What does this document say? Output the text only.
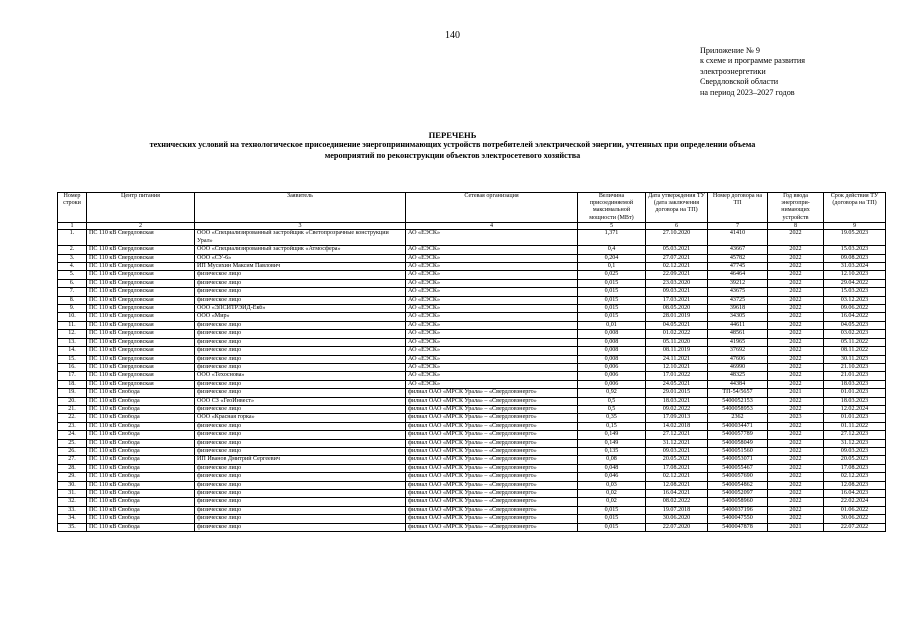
140
Приложение № 9
к схеме и программе развития
электроэнергетики
Свердловской области
на период 2023–2027 годов
ПЕРЕЧЕНЬ
технических условий на технологическое присоединение энергопринимающих устройств потребителей электрической энергии, учтенных при определении объема
мероприятий по реконструкции объектов электросетевого хозяйства
Номер строки	Центр питания	Заявитель	Сетевая организация	Величина присоединяемой максимальной мощности (МВт)	Дата утверждения ТУ (дата заключения договора на ТП)	Номер договора на ТП	Год ввода энергопри-нимающих устройств	Срок действия ТУ (договора на ТП)
1	2	3	4	5	6	7	8	9
1.	ПС 110 кВ Свердловская	ООО «Специализированный застройщик «Светопрозрачные конструкции Урал»	АО «ЕЭСК»	1,371	27.10.2020	41410	2022	19.05.2023
2.	ПС 110 кВ Свердловская	ООО «Специализированный застройщик «Атмосфера»	АО «ЕЭСК»	0,4	05.03.2021	43667	2022	15.03.2023
3.	ПС 110 кВ Свердловская	ООО «СУ-6»	АО «ЕЭСК»	0,204	27.07.2021	45782	2022	09.08.2023
4.	ПС 110 кВ Свердловская	ИП Мусихин Максим Павлович	АО «ЕЭСК»	0,1	02.12.2021	47745	2022	31.03.2024
5.	ПС 110 кВ Свердловская	физическое лицо	АО «ЕЭСК»	0,025	22.09.2021	46464	2022	12.10.2023
6.	ПС 110 кВ Свердловская	физическое лицо	АО «ЕЭСК»	0,015	23.03.2020	39212	2022	29.04.2022
7.	ПС 110 кВ Свердловская	физическое лицо	АО «ЕЭСК»	0,015	09.03.2021	43675	2022	15.03.2023
8.	ПС 110 кВ Свердловская	физическое лицо	АО «ЕЭСК»	0,015	17.03.2021	43725	2022	03.12.2023
9.	ПС 110 кВ Свердловская	ООО «ЭЛСИТРЭЙД-Екб»	АО «ЕЭСК»	0,015	08.05.2020	39618	2022	09.06.2022
10.	ПС 110 кВ Свердловская	ООО «Мир»	АО «ЕЭСК»	0,015	28.01.2019	34305	2022	16.04.2022
11.	ПС 110 кВ Свердловская	физическое лицо	АО «ЕЭСК»	0,01	04.05.2021	44611	2022	04.05.2023
12.	ПС 110 кВ Свердловская	физическое лицо	АО «ЕЭСК»	0,008	01.02.2022	48561	2022	03.02.2023
13.	ПС 110 кВ Свердловская	физическое лицо	АО «ЕЭСК»	0,008	05.11.2020	41965	2022	05.11.2022
14.	ПС 110 кВ Свердловская	физическое лицо	АО «ЕЭСК»	0,008	08.11.2019	37692	2022	08.11.2022
15.	ПС 110 кВ Свердловская	физическое лицо	АО «ЕЭСК»	0,008	24.11.2021	47606	2022	30.11.2023
16.	ПС 110 кВ Свердловская	физическое лицо	АО «ЕЭСК»	0,006	12.10.2021	46990	2022	21.10.2023
17.	ПС 110 кВ Свердловская	ООО «Техоснова»	АО «ЕЭСК»	0,006	17.01.2022	48325	2022	21.01.2023
18.	ПС 110 кВ Свердловская	физическое лицо	АО «ЕЭСК»	0,006	24.05.2021	44384	2022	18.03.2023
19.	ПС 110 кВ Свобода	физическое лицо	филиал ОАО «МРСК Урала» – «Свердловэнерго»	0,92	29.01.2015	ТП-54/5657	2021	01.01.2023
20.	ПС 110 кВ Свобода	ООО СЗ «ГеоИнвест»	филиал ОАО «МРСК Урала» – «Свердловэнерго»	0,5	18.03.2021	5400052153	2022	18.03.2023
21.	ПС 110 кВ Свобода	физическое лицо	филиал ОАО «МРСК Урала» – «Свердловэнерго»	0,5	09.02.2022	5400058953	2022	12.02.2024
22.	ПС 110 кВ Свобода	ООО «Красная горка»	филиал ОАО «МРСК Урала» – «Свердловэнерго»	0,35	17.09.2013	2362	2023	01.01.2023
23.	ПС 110 кВ Свобода	физическое лицо	филиал ОАО «МРСК Урала» – «Свердловэнерго»	0,15	14.02.2018	5400034471	2022	01.11.2022
24.	ПС 110 кВ Свобода	физическое лицо	филиал ОАО «МРСК Урала» – «Свердловэнерго»	0,149	27.12.2021	5400057789	2022	27.12.2023
25.	ПС 110 кВ Свобода	физическое лицо	филиал ОАО «МРСК Урала» – «Свердловэнерго»	0,149	31.12.2021	5400058049	2022	31.12.2023
26.	ПС 110 кВ Свобода	физическое лицо	филиал ОАО «МРСК Урала» – «Свердловэнерго»	0,135	09.03.2021	5400051560	2022	09.03.2023
27.	ПС 110 кВ Свобода	ИП Иванов Дмитрий Сергеевич	филиал ОАО «МРСК Урала» – «Свердловэнерго»	0,08	20.05.2021	5400053071	2022	20.05.2023
28.	ПС 110 кВ Свобода	физическое лицо	филиал ОАО «МРСК Урала» – «Свердловэнерго»	0,048	17.08.2021	5400055467	2022	17.08.2023
29.	ПС 110 кВ Свобода	физическое лицо	филиал ОАО «МРСК Урала» – «Свердловэнерго»	0,046	02.12.2021	5400057690	2022	02.12.2023
30.	ПС 110 кВ Свобода	физическое лицо	филиал ОАО «МРСК Урала» – «Свердловэнерго»	0,03	12.08.2021	5400054862	2022	12.08.2023
31.	ПС 110 кВ Свобода	физическое лицо	филиал ОАО «МРСК Урала» – «Свердловэнерго»	0,02	16.04.2021	5400052097	2022	16.04.2023
32.	ПС 110 кВ Свобода	физическое лицо	филиал ОАО «МРСК Урала» – «Свердловэнерго»	0,02	08.02.2022	5400058960	2022	22.02.2024
33.	ПС 110 кВ Свобода	физическое лицо	филиал ОАО «МРСК Урала» – «Свердловэнерго»	0,015	19.07.2018	5400037196	2022	01.06.2022
34.	ПС 110 кВ Свобода	физическое лицо	филиал ОАО «МРСК Урала» – «Свердловэнерго»	0,015	30.06.2020	5400047550	2022	30.06.2022
35.	ПС 110 кВ Свобода	физическое лицо	филиал ОАО «МРСК Урала» – «Свердловэнерго»	0,015	22.07.2020	5400047878	2021	22.07.2022
